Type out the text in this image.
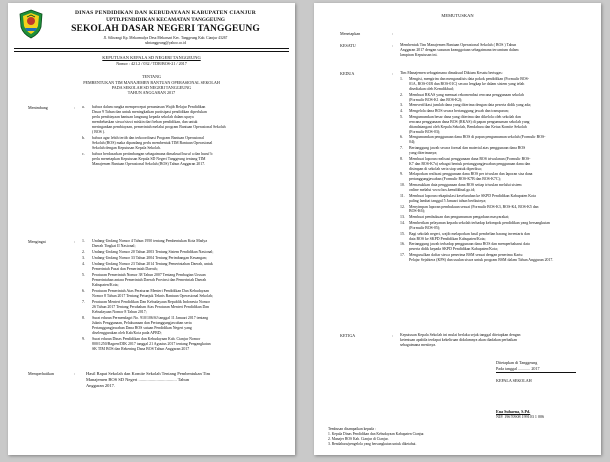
DINAS PENDIDIKAN DAN KEBUDAYAAN KABUPATEN CIANJUR
UPTD.PENDIDIKAN KECAMATAN TANGGEUNG
SEKOLAH DASAR NEGERI TANGGEUNG
Jl. Siliwangi Kp. Mekarmulya Desa Mekarsari Kec. Tanggeung Kab. Cianjur 43267
sdntanggeung@yahoo.co.id
KEPUTUSAN KEPALA SD NEGERI TANGGEUNG
Nomor : 421.2 / 032 / TDR/BOS-21 / 2017
TENTANG
PEMBENTUKAN TIM MANAJEMEN BANTUAN OPERASIONAL SEKOLAH
PADA SEKOLAH SD NEGERI TANGGEUNG
TAHUN ANGGARAN 2017
Menimbang	: a. bahwa dalam rangka mempercepat penuntasan Wajib Belajar Pendidikan
Dasar 9 Tahun dan untuk meningkatkan partisipasi pendidikan diperlukan
perlu pembiayaan bantuan langsung kepada sekolah dalam upaya
membebaskan siswa/siswi miskin dari beban pendidikan, dan untuk
meringankan pembiayaan, pemerintah melalui program Bantuan Operasional Sekolah
( BOS ).
b. bahwa agar lebih tertib dan terkoordinasi Program Bantuan Operasional
Sekolah (BOS) maka dipandang perlu membentuk TIM Bantuan Operasional
Sekolah dengan Keputusan Kepala Sekolah.
c. bahwa berdasarkan pertimbangan sebagaimana dimaksud huruf a dan huruf b
perlu menetapkan Keputusan Kepala SD Negeri Tanggeung tentang TIM
Manajemen Bantuan Operasional Sekolah (BOS) Tahun Anggaran 2017.
Mengingat	: 1. Undang-Undang Nomor 4 Tahun 1950 tentang Pembentukan Kota Madya
Daerah Tingkat II Nasional;
2. Undang-Undang Nomor 20 Tahun 2003 Tentang Sistem Pendidikan Nasional;
3. Undang-Undang Nomor 33 Tahun 2004 Tentang Perimbangan Keuangan;
4. Undang-Undang Nomor 23 Tahun 2014 Tentang Pemerintahan Daerah, untuk
Pemerintah Pusat dan Pemerintah Daerah;
5. Peraturan Pemerintah Nomor 38 Tahun 2007 Tentang Pembagian Urusan
Pemerintahan antara Pemerintah Daerah Provinsi dan Pemerintah Daerah
Kabupaten/Kota;
6. Peraturan Pemerintah Atas Peraturan Menteri Pendidikan Dan Kebudayaan
Nomor 8 Tahun 2017 Tentang Petunjuk Teknis Bantuan Operasional Sekolah;
7. Peraturan Menteri Pendidikan Dan Kebudayaan Republik Indonesia Nomor
26 Tahun 2017 Tentang Perubahan Atas Peraturan Menteri Pendidikan Dan
Kebudayaan Nomor 8 Tahun 2017;
8. Surat edaran Permendagri No. 910/106/SJ tanggal 11 Januari 2017 tentang
Juknis Penggunaan, Pelaksanaan dan Pertanggungjawaban serta
Pertanggungjawaban Dana BOS satuan Pendidikan Negeri yang
diselenggarakan oleh Kab/Kota pada APBD;
9. Surat edaran Dinas Pendidikan dan Kebudayaan Kab. Cianjur Nomor
800/1250/Bagren/DIK 2017 tanggal 21 Agustus 2017 tentang Pengangkatan
SK TIM BOS dan Rekening Dana BOS Tahun Anggaran 2017
Memperhatikan	: Hasil Rapat Sekolah dan Komite Sekolah Tentang Pembentukan Tim
Manajemen BOS SD Negeri .................................. Tahun
Anggaran 2017.
MEMUTUSKAN
Menetapkan	:
KESATU	: Membentuk Tim Manajemen Bantuan Operasional Sekolah ( BOS ) Tahun
Anggaran 2017 dengan susunan keanggotaan sebagaimana tercantum dalam
lampiran Keputusan ini.
KEDUA	: Tim Manajemen sebagaimana dimaksud Diktum Kesatu bertugas:
1. Mengisi, mengirim dan menganalisis data pokok pendidikan (Formulir BOS-
01A, BOS-01B dan BOS-01C) secara lengkap ke dalam sistem yang telah
disediakan oleh Kemdikbud;
2. Membuat RKAS yang memuat rekomendasi rencana penggunaan sekolah
(Formulir BOS-K1 dan BOS-K2);
3. Memverifikasi jumlah dana yang diterima dengan data peserta didik yang ada;
4. Mengelola dana BOS secara bertanggung jawab dan transparan;
5. Mengumumkan besar dana yang diterima dan dikelola oleh sekolah dan
rencana penggunaan dana BOS (RKAS) di papan pengumuman sekolah yang
ditandatangani oleh Kepala Sekolah, Bendahara dan Ketua Komite Sekolah
(Formulir BOS-03);
6. Mengumumkan penggunaan dana BOS di papan pengumuman sekolah (Formulir BOS-
04);
7. Bertanggung jawab secara formal dan material atas penggunaan dana BOS
yang diterimanya;
8. Membuat laporan realisasi penggunaan dana BOS triwulanan (Formulir BOS-
K7 dan BOS-K7a) sebagai bentuk pertanggungjawaban penggunaan dana dan
disimpan di sekolah serta siap untuk diperiksa;
9. Melaporkan realisasi penggunaan dana BOS per triwulan dan laporan sisa dana
pertanggungjawaban (Formulir BOS-K7B dan BOS-K7C);
10. Memasukkan data penggunaan dana BOS setiap triwulan melalui sistem
online melalui www.bos.kemdikbud.go.id;
11. Membuat laporan rekapitulasi keseluruhan ke SKPD Pendidikan Kabupaten Kota
paling lambat tanggal 5 Januari tahun berikutnya;
12. Menyimpan laporan pembukuan sesuai (Formulir BOS-K3, BOS-K4, BOS-K5 dan
BOS-K6);
13. Membuat pembukuan dan pengumuman pengadaan masyarakat;
14. Memberikan pelayanan kepada sekolah terhadap kelompok pendidikan yang bersangkutan
(Formulir BOS-05);
15. Bagi sekolah negeri, wajib melaporkan hasil pembelian barang inventaris dan
data BOS ke SKPD Pendidikan Kabupaten/Kota;
16. Bertanggung jawab terhadap penggunaan dana BOS dan memperbaharui data
peserta didik kepada SKPD Pendidikan Kabupaten/Kota;
17. Mengusulkan daftar siswa penerima BSM sesuai dengan penerima Kartu
Pelajar Sejahtera (KPS) dan usulan siswa untuk program BSM dalam Tahun Anggaran 2017.
KETIGA	: Keputusan Kepala Sekolah ini mulai berlaku sejak tanggal ditetapkan dengan
ketentuan apabila terdapat kekeliruan didalamnya akan diadakan perbaikan
sebagaimana mestinya.
Ditetapkan di Tanggeung
Pada tanggal ............ 2017
KEPALA SEKOLAH
Ena Suhaena, S.Pd.
NIP. 19670908 199103 1 006
Tembusan disampaikan kepada :
1. Kepala Dinas Pendidikan dan Kebudayaan Kabupaten Cianjur.
2. Manajer BOS Kab. Cianjur di Cianjur.
3. Bendahara/pengelola yang bersangkutan untuk diketahui.
